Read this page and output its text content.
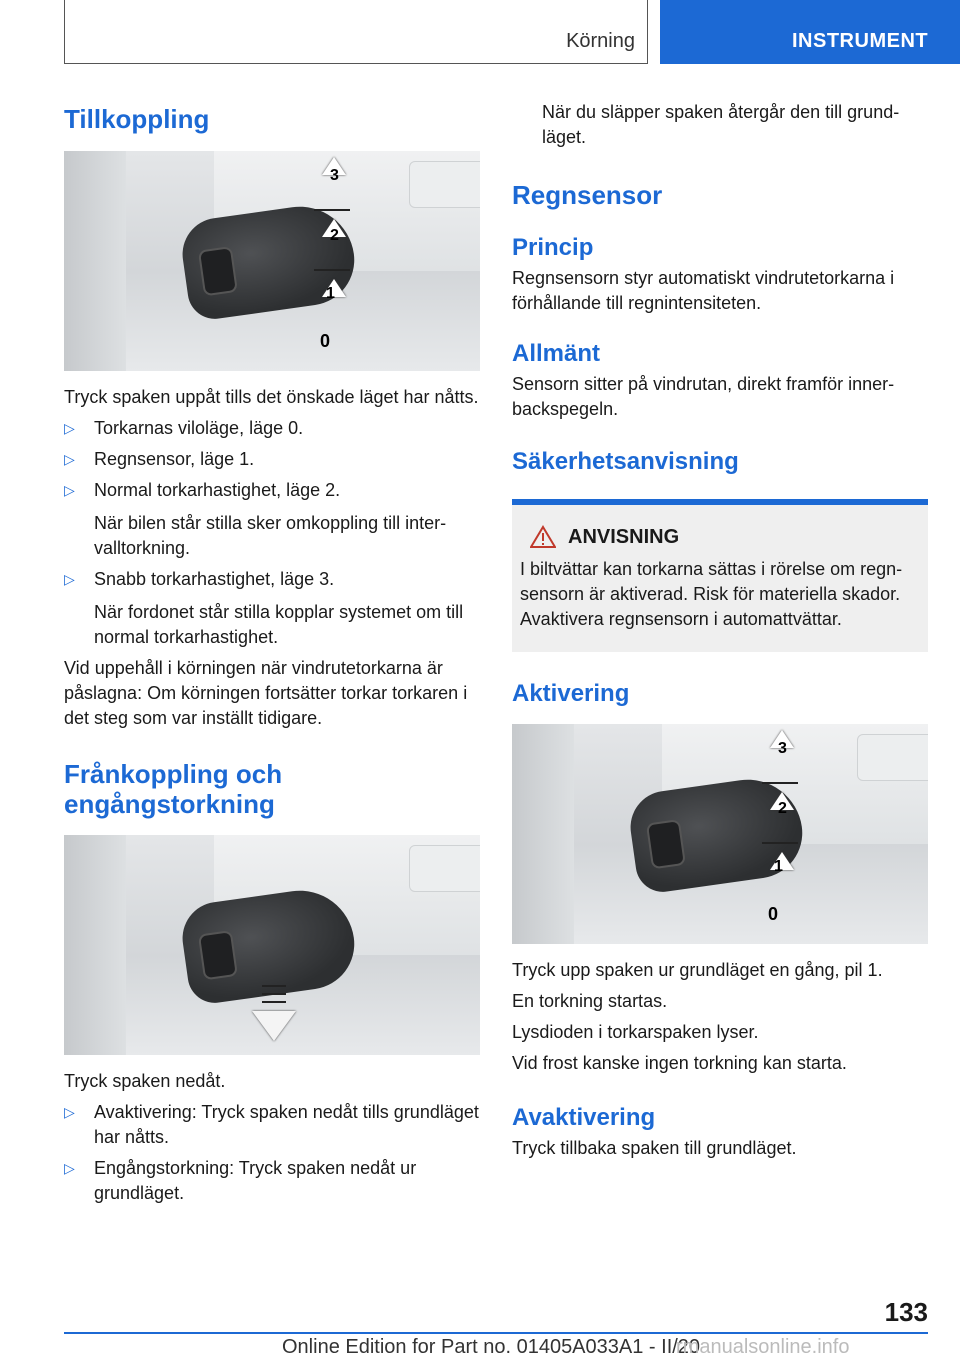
Körning	INSTRUMENT
Tillkoppling
3
2
1
0

Tryck spaken uppåt tills det önskade läget har nåtts.

▷ Torkarnas viloläge, läge 0.
▷ Regnsensor, läge 1.
▷ Normal torkarhastighet, läge 2.
När bilen står stilla sker omkoppling till intervalltorkning.
▷ Snabb torkarhastighet, läge 3.
När fordonet står stilla kopplar systemet om till normal torkarhastighet.

Vid uppehåll i körningen när vindrutetorkarna är påslagna: Om körningen fortsätter torkar torkaren i det steg som var inställt tidigare.

Frånkoppling och engångstorkning

Tryck spaken nedåt.

▷ Avaktivering: Tryck spaken nedåt tills grundläget har nåtts.
▷ Engångstorkning: Tryck spaken nedåt ur grundläget.

När du släpper spaken återgår den till grundläget.

Regnsensor
Princip

Regnsensorn styr automatiskt vindrutetorkarna i förhållande till regnintensiteten.

Allmänt

Sensorn sitter på vindrutan, direkt framför innerbackspegeln.

Säkerhetsanvisning
ANVISNING

I biltvättar kan torkarna sättas i rörelse om regnsensorn är aktiverad. Risk för materiella skador. Avaktivera regnsensorn i automattvättar.

Aktivering
3
2
1
0

Tryck upp spaken ur grundläget en gång, pil 1.

En torkning startas.

Lysdioden i torkarspaken lyser.

Vid frost kanske ingen torkning kan starta.

Avaktivering

Tryck tillbaka spaken till grundläget.

133
Online Edition for Part no. 01405A033A1 - II/20
rmanualsonline.info
